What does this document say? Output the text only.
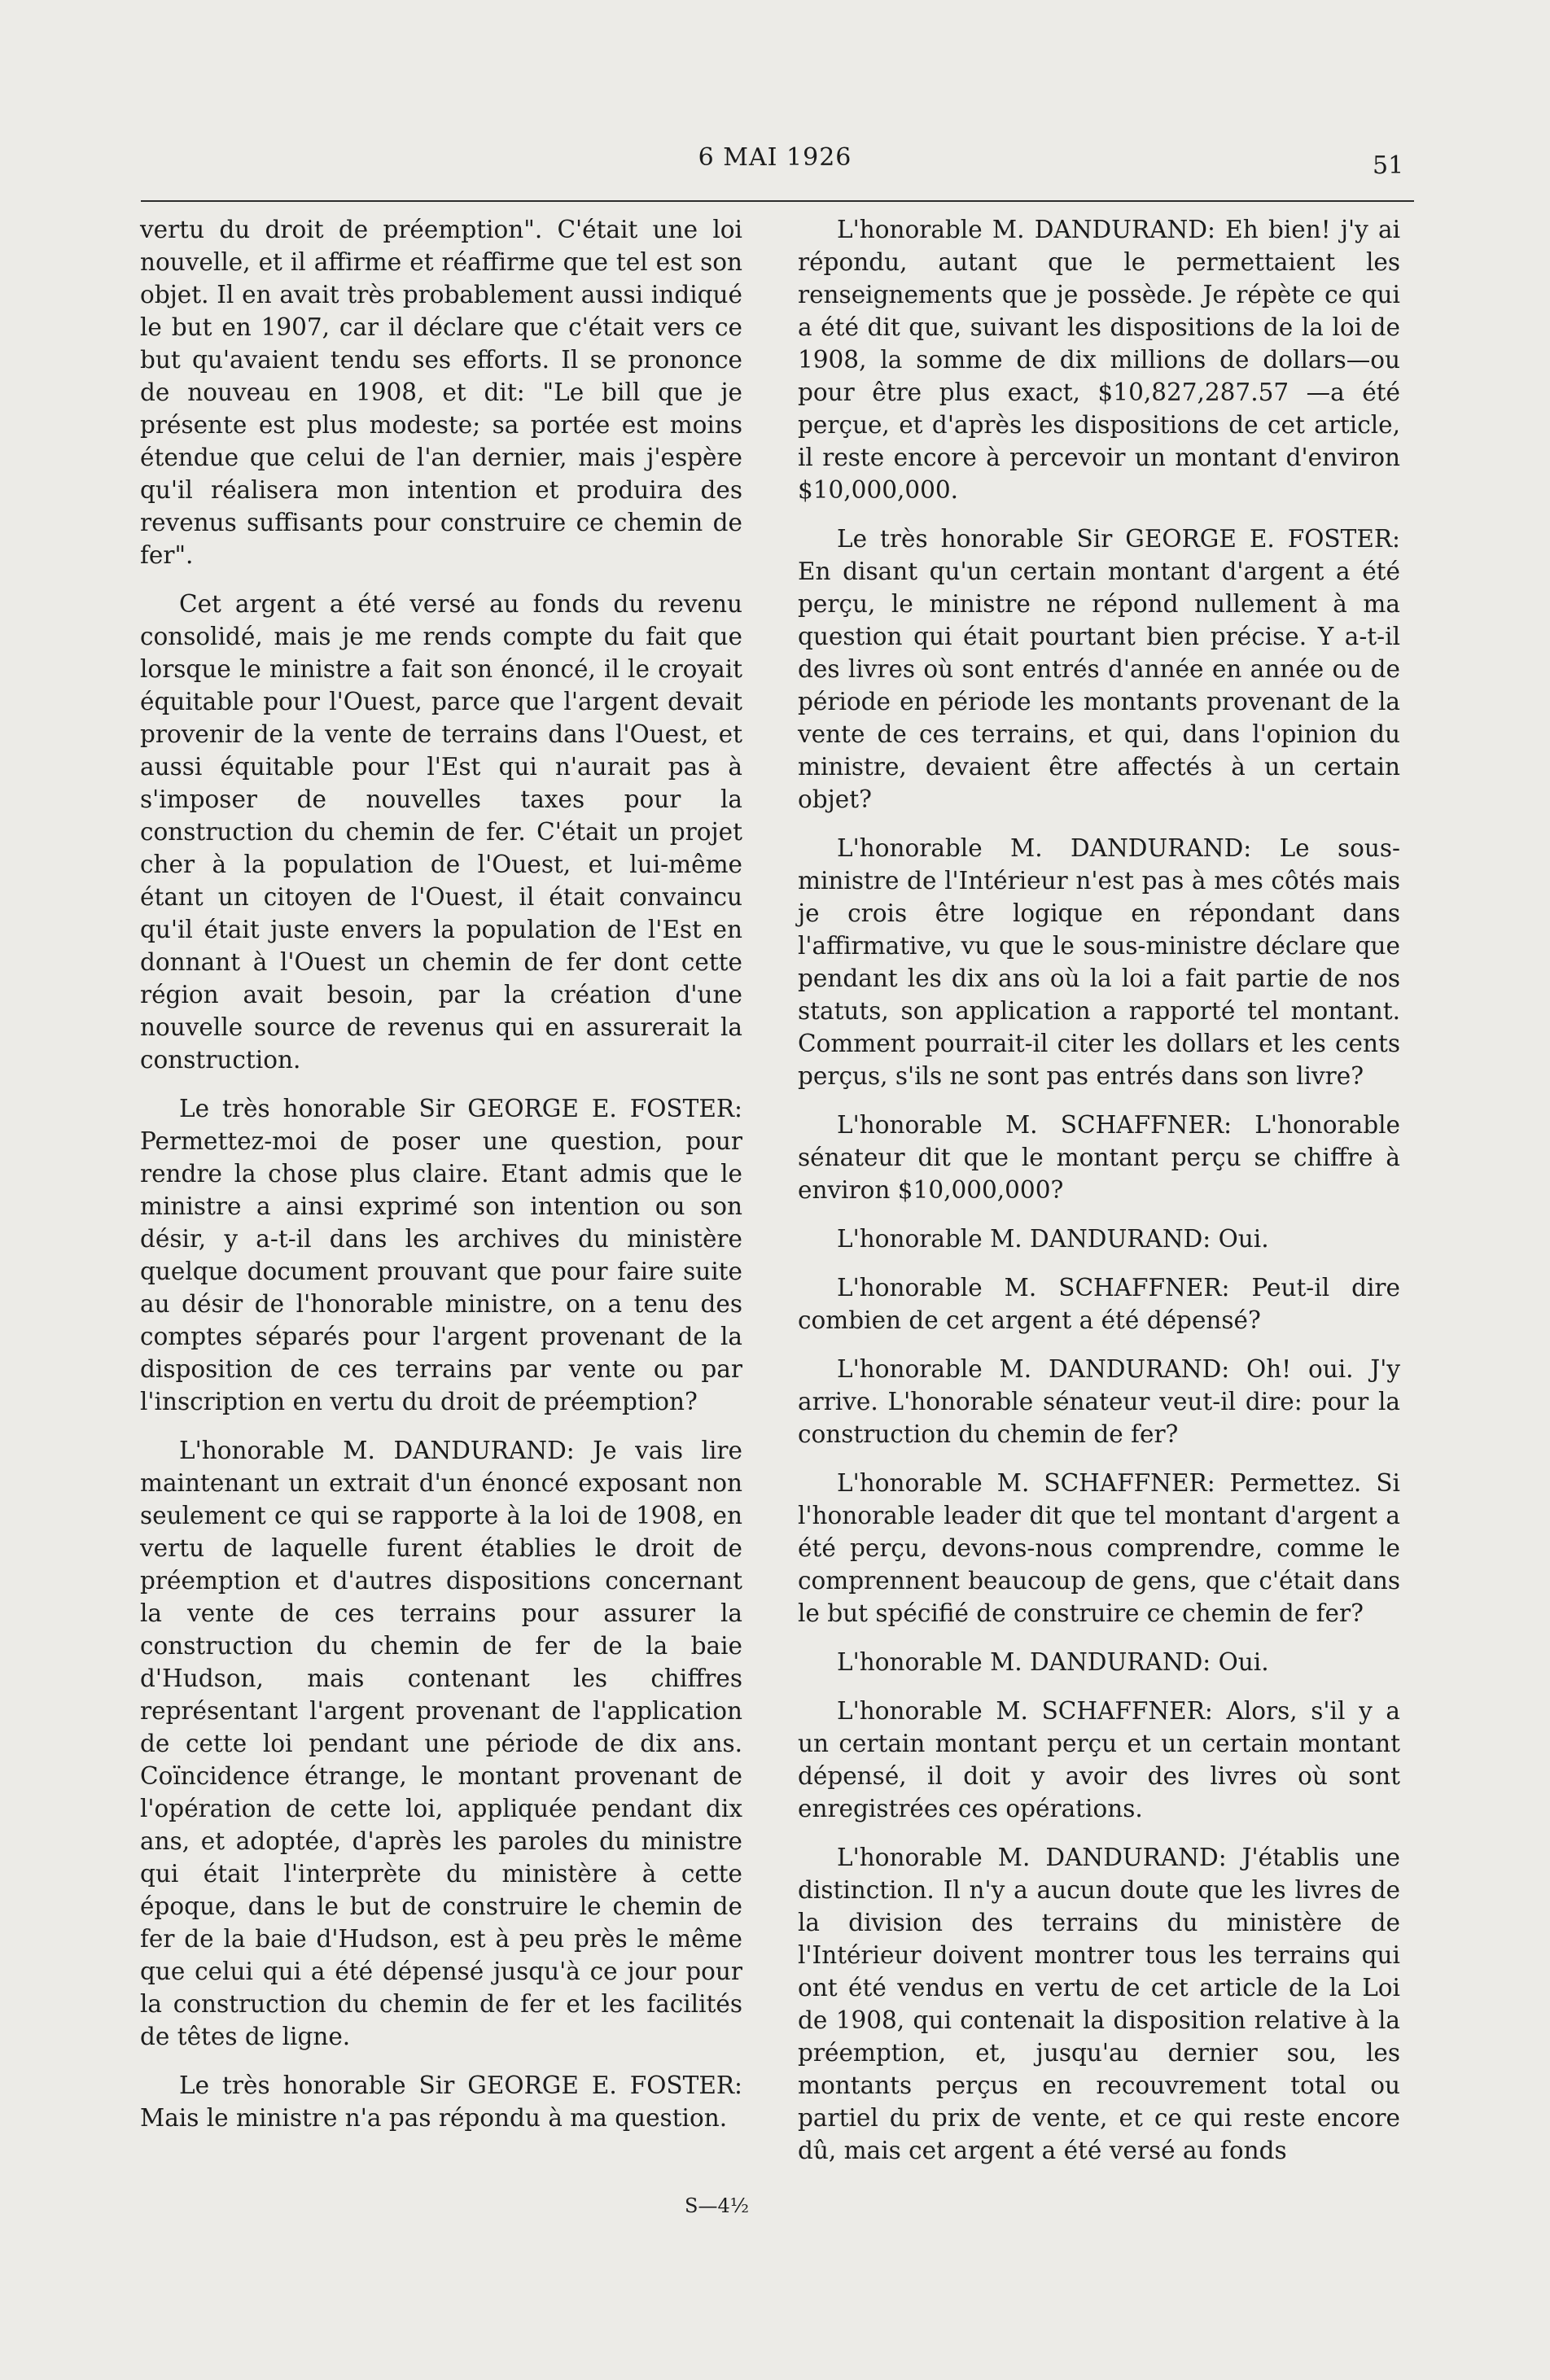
6 MAI 1926	51

vertu du droit de préemption". C'était une loi nouvelle, et il affirme et réaffirme que tel est son objet. Il en avait très probablement aussi indiqué le but en 1907, car il déclare que c'était vers ce but qu'avaient tendu ses efforts. Il se prononce de nouveau en 1908, et dit: "Le bill que je présente est plus modeste; sa portée est moins étendue que celui de l'an dernier, mais j'espère qu'il réalisera mon intention et produira des revenus suffisants pour construire ce chemin de fer".

Cet argent a été versé au fonds du revenu consolidé, mais je me rends compte du fait que lorsque le ministre a fait son énoncé, il le croyait équitable pour l'Ouest, parce que l'argent devait provenir de la vente de terrains dans l'Ouest, et aussi équitable pour l'Est qui n'aurait pas à s'imposer de nouvelles taxes pour la construction du chemin de fer. C'était un projet cher à la population de l'Ouest, et lui-même étant un citoyen de l'Ouest, il était convaincu qu'il était juste envers la population de l'Est en donnant à l'Ouest un chemin de fer dont cette région avait besoin, par la création d'une nouvelle source de revenus qui en assurerait la construction.

Le très honorable Sir GEORGE E. FOSTER: Permettez-moi de poser une question, pour rendre la chose plus claire. Etant admis que le ministre a ainsi exprimé son intention ou son désir, y a-t-il dans les archives du ministère quelque document prouvant que pour faire suite au désir de l'honorable ministre, on a tenu des comptes séparés pour l'argent provenant de la disposition de ces terrains par vente ou par l'inscription en vertu du droit de préemption?

L'honorable M. DANDURAND: Je vais lire maintenant un extrait d'un énoncé exposant non seulement ce qui se rapporte à la loi de 1908, en vertu de laquelle furent établies le droit de préemption et d'autres dispositions concernant la vente de ces terrains pour assurer la construction du chemin de fer de la baie d'Hudson, mais contenant les chiffres représentant l'argent provenant de l'application de cette loi pendant une période de dix ans. Coïncidence étrange, le montant provenant de l'opération de cette loi, appliquée pendant dix ans, et adoptée, d'après les paroles du ministre qui était l'interprète du ministère à cette époque, dans le but de construire le chemin de fer de la baie d'Hudson, est à peu près le même que celui qui a été dépensé jusqu'à ce jour pour la construction du chemin de fer et les facilités de têtes de ligne.

Le très honorable Sir GEORGE E. FOSTER: Mais le ministre n'a pas répondu à ma question.

L'honorable M. DANDURAND: Eh bien! j'y ai répondu, autant que le permettaient les renseignements que je possède. Je répète ce qui a été dit que, suivant les dispositions de la loi de 1908, la somme de dix millions de dollars—ou pour être plus exact, $10,827,287.57 —a été perçue, et d'après les dispositions de cet article, il reste encore à percevoir un montant d'environ $10,000,000.

Le très honorable Sir GEORGE E. FOSTER: En disant qu'un certain montant d'argent a été perçu, le ministre ne répond nullement à ma question qui était pourtant bien précise. Y a-t-il des livres où sont entrés d'année en année ou de période en période les montants provenant de la vente de ces terrains, et qui, dans l'opinion du ministre, devaient être affectés à un certain objet?

L'honorable M. DANDURAND: Le sous-ministre de l'Intérieur n'est pas à mes côtés mais je crois être logique en répondant dans l'affirmative, vu que le sous-ministre déclare que pendant les dix ans où la loi a fait partie de nos statuts, son application a rapporté tel montant. Comment pourrait-il citer les dollars et les cents perçus, s'ils ne sont pas entrés dans son livre?

L'honorable M. SCHAFFNER: L'honorable sénateur dit que le montant perçu se chiffre à environ $10,000,000?

L'honorable M. DANDURAND: Oui.

L'honorable M. SCHAFFNER: Peut-il dire combien de cet argent a été dépensé?

L'honorable M. DANDURAND: Oh! oui. J'y arrive. L'honorable sénateur veut-il dire: pour la construction du chemin de fer?

L'honorable M. SCHAFFNER: Permettez. Si l'honorable leader dit que tel montant d'argent a été perçu, devons-nous comprendre, comme le comprennent beaucoup de gens, que c'était dans le but spécifié de construire ce chemin de fer?

L'honorable M. DANDURAND: Oui.

L'honorable M. SCHAFFNER: Alors, s'il y a un certain montant perçu et un certain montant dépensé, il doit y avoir des livres où sont enregistrées ces opérations.

L'honorable M. DANDURAND: J'établis une distinction. Il n'y a aucun doute que les livres de la division des terrains du ministère de l'Intérieur doivent montrer tous les terrains qui ont été vendus en vertu de cet article de la Loi de 1908, qui contenait la disposition relative à la préemption, et, jusqu'au dernier sou, les montants perçus en recouvrement total ou partiel du prix de vente, et ce qui reste encore dû, mais cet argent a été versé au fonds

S—4½
